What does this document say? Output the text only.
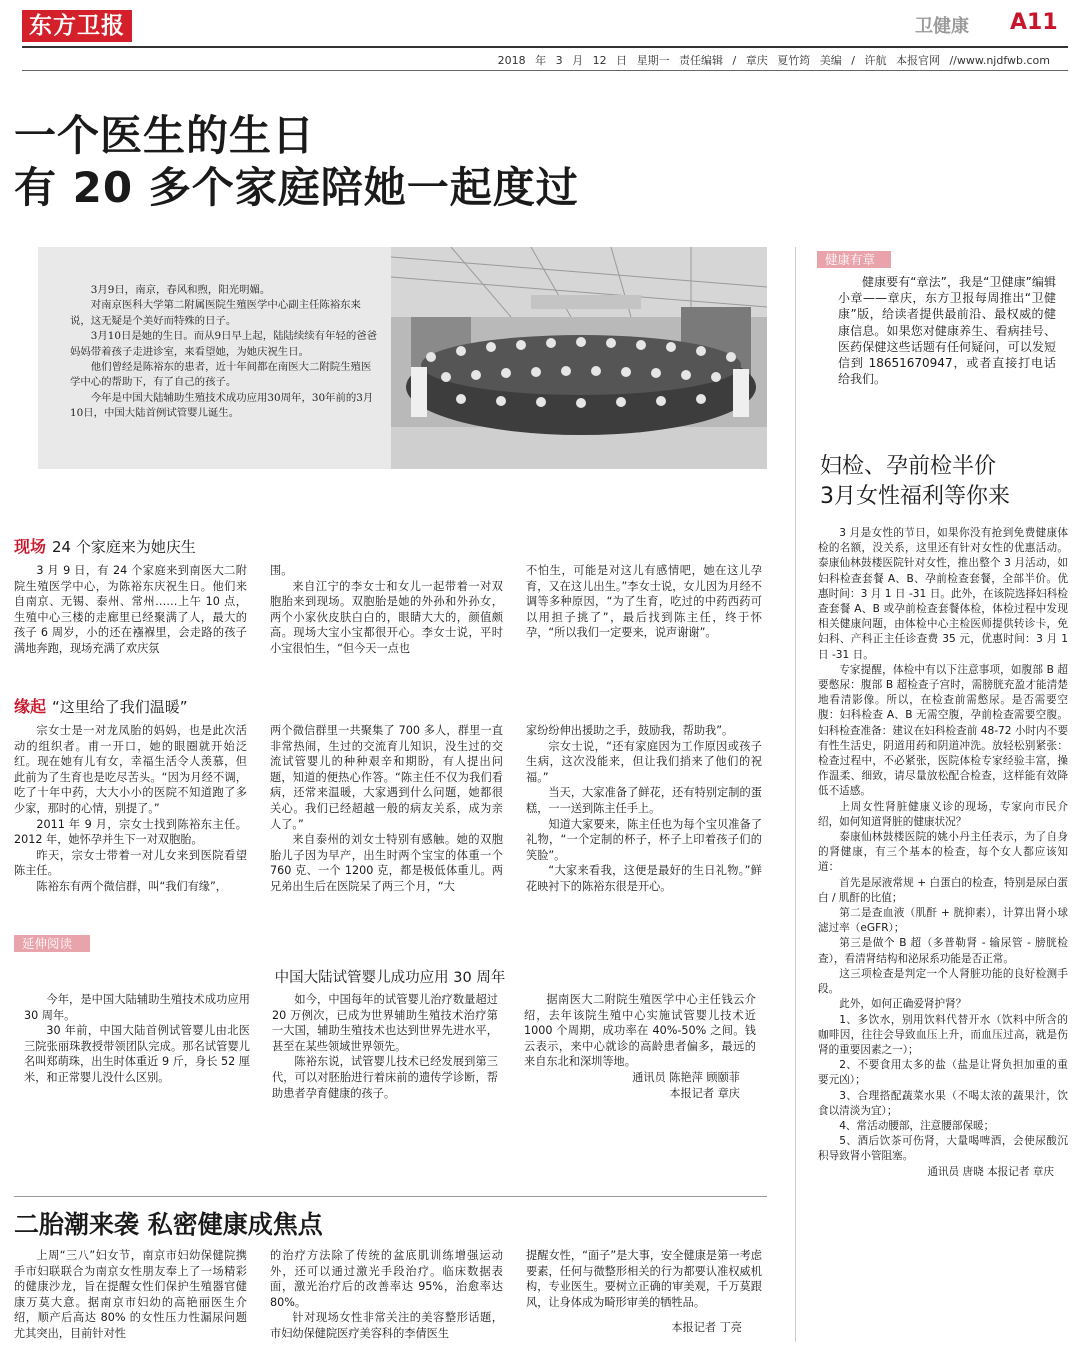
东方卫报	卫健康 A11
2018 年 3 月 12 日 星期一 责任编辑 / 章庆 夏竹筠 美编 / 许航 本报官网 //www.njdfwb.com
一个医生的生日
有 20 多个家庭陪她一起度过

3月9日，南京，春风和煦，阳光明媚。

对南京医科大学第二附属医院生殖医学中心副主任陈裕东来说，这无疑是个美好而特殊的日子。

3月10日是她的生日。而从9日早上起，陆陆续续有年轻的爸爸妈妈带着孩子走进诊室，来看望她，为她庆祝生日。

他们曾经是陈裕东的患者，近十年间都在南医大二附院生殖医学中心的帮助下，有了自己的孩子。

今年是中国大陆辅助生殖技术成功应用30周年，30年前的3月10日，中国大陆首例试管婴儿诞生。

现场 24 个家庭来为她庆生

3 月 9 日，有 24 个家庭来到南医大二附院生殖医学中心，为陈裕东庆祝生日。他们来自南京、无锡、泰州、常州……上午 10 点，生殖中心三楼的走廊里已经聚满了人，最大的孩子 6 周岁，小的还在襁褓里，会走路的孩子满地奔跑，现场充满了欢庆氛

围。

来自江宁的李女士和女儿一起带着一对双胞胎来到现场。双胞胎是她的外孙和外孙女，两个小家伙皮肤白白的，眼睛大大的，颜值颇高。现场大宝小宝都很开心。李女士说，平时小宝很怕生，“但今天一点也

不怕生，可能是对这儿有感情吧，她在这儿孕育，又在这儿出生。”李女士说，女儿因为月经不调等多种原因，“为了生育，吃过的中药西药可以用担子挑了”，最后找到陈主任，终于怀孕，“所以我们一定要来，说声谢谢”。

缘起 “这里给了我们温暖”

宗女士是一对龙凤胎的妈妈，也是此次活动的组织者。甫一开口，她的眼圈就开始泛红。现在她有儿有女，幸福生活令人羡慕，但此前为了生育也是吃尽苦头。“因为月经不调，吃了十年中药，大大小小的医院不知道跑了多少家，那时的心情，别提了。”

2011 年 9 月，宗女士找到陈裕东主任。2012 年，她怀孕并生下一对双胞胎。

昨天，宗女士带着一对儿女来到医院看望陈主任。

陈裕东有两个微信群，叫“我们有缘”，

两个微信群里一共聚集了 700 多人，群里一直非常热闹，生过的交流育儿知识，没生过的交流试管婴儿的种种艰辛和期盼，有人提出问题，知道的便热心作答。“陈主任不仅为我们看病，还常来温暖，大家遇到什么问题，她都很关心。我们已经超越一般的病友关系，成为亲人了。”

来自泰州的刘女士特别有感触。她的双胞胎儿子因为早产，出生时两个宝宝的体重一个 760 克、一个 1200 克，都是极低体重儿。两兄弟出生后在医院呆了两三个月，“大

家纷纷伸出援助之手，鼓励我，帮助我”。

宗女士说，“还有家庭因为工作原因或孩子生病，这次没能来，但让我们捎来了他们的祝福。”

当天，大家准备了鲜花，还有特别定制的蛋糕，一一送到陈主任手上。

知道大家要来，陈主任也为每个宝贝准备了礼物，“一个定制的杯子，杯子上印着孩子们的笑脸”。

“大家来看我，这便是最好的生日礼物。”鲜花映衬下的陈裕东很是开心。

延伸阅读
中国大陆试管婴儿成功应用 30 周年

今年，是中国大陆辅助生殖技术成功应用 30 周年。

30 年前，中国大陆首例试管婴儿由北医三院张丽珠教授带领团队完成。那名试管婴儿名叫郑萌珠，出生时体重近 9 斤，身长 52 厘米，和正常婴儿没什么区别。

如今，中国每年的试管婴儿治疗数量超过 20 万例次，已成为世界辅助生殖技术治疗第一大国，辅助生殖技术也达到世界先进水平，甚至在某些领域世界领先。

陈裕东说，试管婴儿技术已经发展到第三代，可以对胚胎进行着床前的遗传学诊断，帮助患者孕育健康的孩子。

据南医大二附院生殖医学中心主任钱云介绍，去年该院生殖中心实施试管婴儿技术近 1000 个周期，成功率在 40%-50% 之间。钱云表示，来中心就诊的高龄患者偏多，最远的来自东北和深圳等地。

通讯员 陈艳萍 顾颐菲

本报记者 章庆

二胎潮来袭 私密健康成焦点

上周“三八”妇女节，南京市妇幼保健院携手市妇联联合为南京女性朋友奉上了一场精彩的健康沙龙，旨在提醒女性们保护生殖器官健康万莫大意。据南京市妇幼的高艳丽医生介绍，顺产后高达 80% 的女性压力性漏尿问题尤其突出，目前针对性

的治疗方法除了传统的盆底肌训练增强运动外，还可以通过激光手段治疗。临床数据表面，激光治疗后的改善率达 95%，治愈率达 80%。

针对现场女性非常关注的美容整形话题，市妇幼保健院医疗美容科的李倩医生

提醒女性，“面子”是大事，安全健康是第一考虑要素，任何与微整形相关的行为都要认准权威机构，专业医生。要树立正确的审美观，千万莫跟风，让身体成为畸形审美的牺牲品。

本报记者 丁亮

健康有章

健康要有“章法”，我是“卫健康”编辑小章——章庆，东方卫报每周推出“卫健康”版，给读者提供最前沿、最权威的健康信息。如果您对健康养生、看病挂号、医药保健这些话题有任何疑问，可以发短信到 18651670947，或者直接打电话给我们。

妇检、孕前检半价
3月女性福利等你来

3 月是女性的节日，如果你没有抢到免费健康体检的名额，没关系，这里还有针对女性的优惠活动。泰康仙林鼓楼医院针对女性，推出整个 3 月活动，如妇科检查套餐 A、B、孕前检查套餐，全部半价。优惠时间：3 月 1 日 -31 日。此外，在该院选择妇科检查套餐 A、B 或孕前检查套餐体检，体检过程中发现相关健康问题，由体检中心主检医师提供转诊卡，免妇科、产科正主任诊查费 35 元，优惠时间：3 月 1 日 -31 日。

专家提醒，体检中有以下注意事项，如腹部 B 超要憋尿：腹部 B 超检查子宫时，需膀胱充盈才能清楚地看清影像。所以，在检查前需憋尿。是否需要空腹：妇科检查 A、B 无需空腹，孕前检查需要空腹。妇科检查准备：建议在妇科检查前 48-72 小时内不要有性生活史，阴道用药和阴道冲洗。放轻松别紧张：检查过程中，不必紧张，医院体检专家经验丰富，操作温柔、细致，请尽量放松配合检查，这样能有效降低不适感。

上周女性肾脏健康义诊的现场，专家向市民介绍，如何知道肾脏的健康状况？

泰康仙林鼓楼医院的姚小丹主任表示，为了自身的肾健康，有三个基本的检查，每个女人都应该知道：

首先是尿液常规 + 白蛋白的检查，特别是尿白蛋白 / 肌酐的比值；

第二是查血液（肌酐 + 胱抑素），计算出肾小球滤过率（eGFR）；

第三是做个 B 超（多普勒肾 - 输尿管 - 膀胱检查），看清肾结构和泌尿系功能是否正常。

这三项检查是判定一个人肾脏功能的良好检测手段。

此外，如何正确爱肾护肾？

1、多饮水，别用饮料代替开水（饮料中所含的咖啡因，往往会导致血压上升，而血压过高，就是伤肾的重要因素之一）；

2、不要食用太多的盐（盐是让肾负担加重的重要元凶）；

3、合理搭配蔬菜水果（不喝太浓的蔬果汁，饮食以清淡为宜）；

4、常活动腰部，注意腰部保暖；

5、酒后饮茶可伤肾，大量喝啤酒，会使尿酸沉积导致肾小管阻塞。

通讯员 唐晓 本报记者 章庆
